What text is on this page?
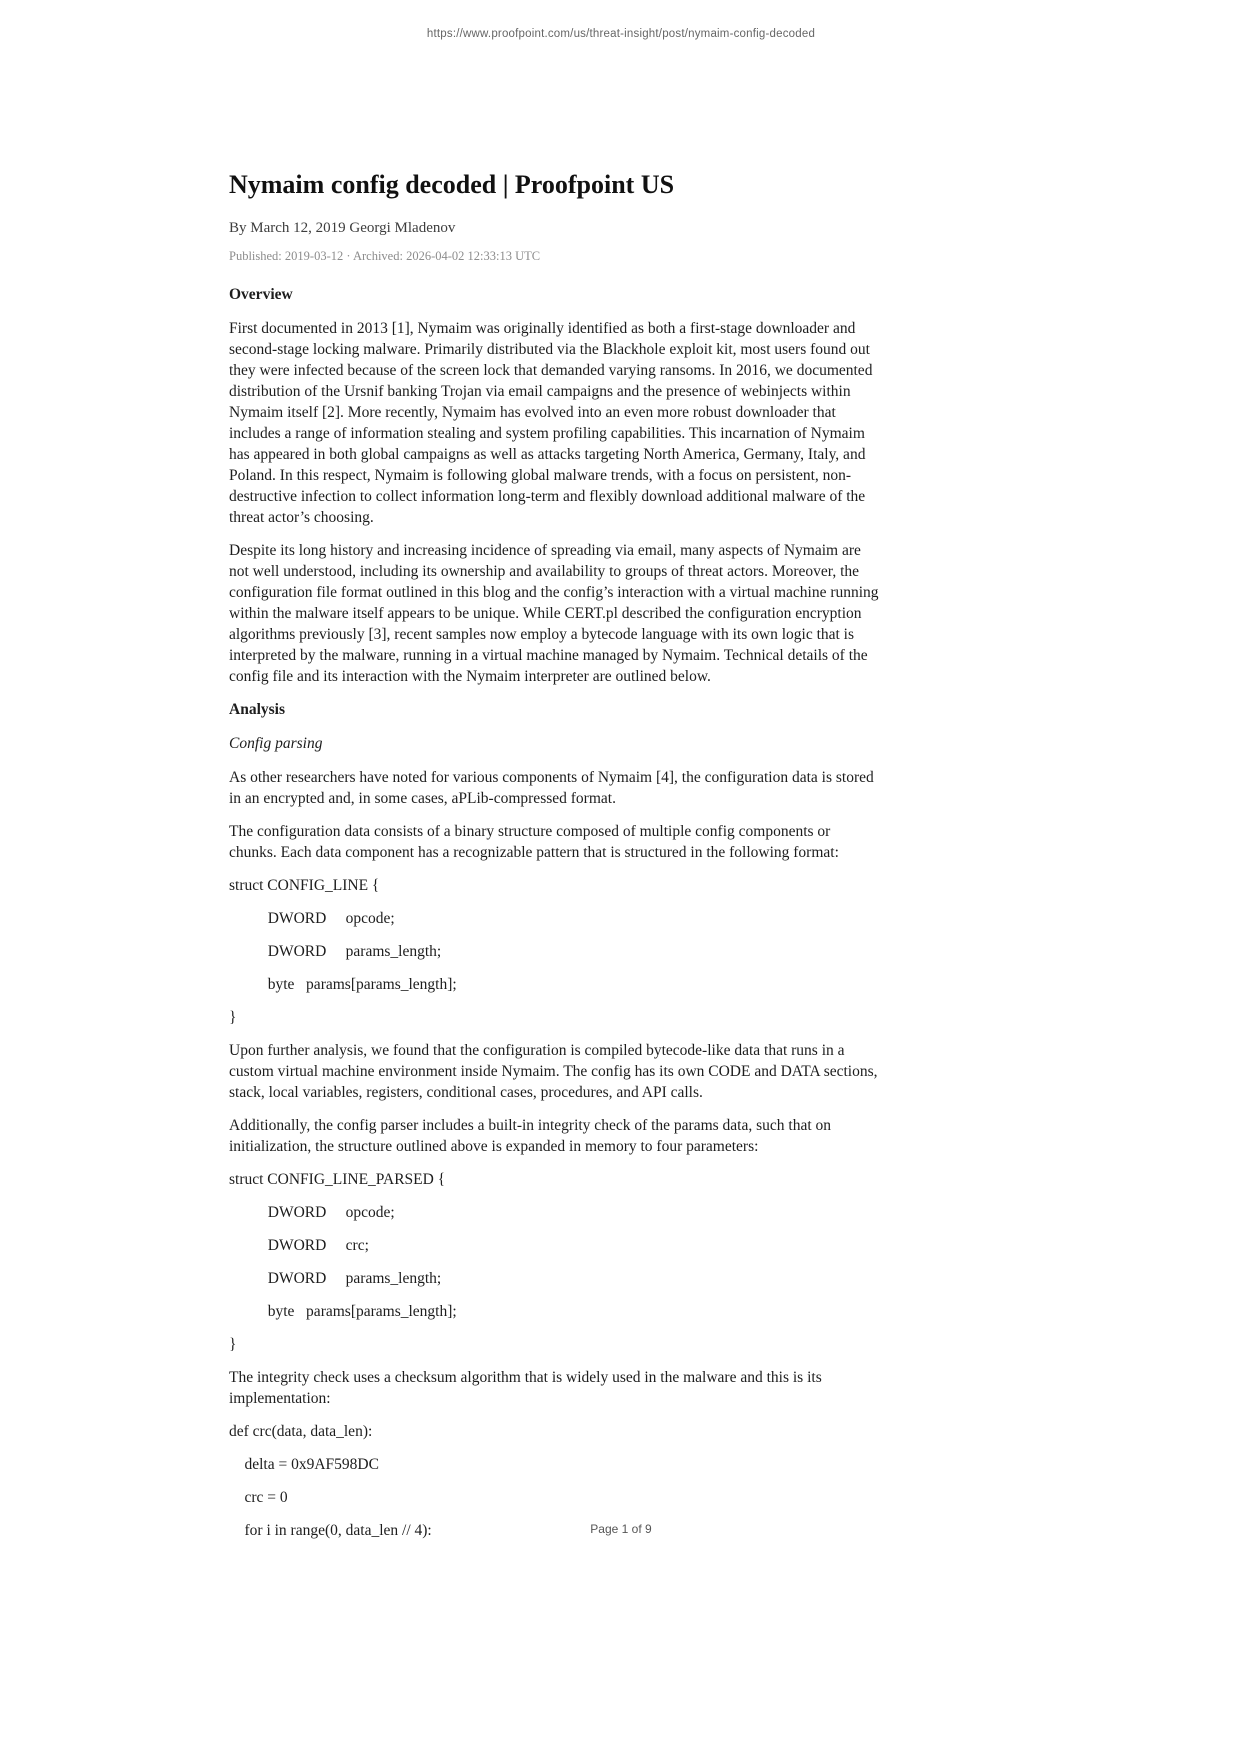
https://www.proofpoint.com/us/threat-insight/post/nymaim-config-decoded
Nymaim config decoded | Proofpoint US

By March 12, 2019 Georgi Mladenov

Published: 2019-03-12 · Archived: 2026-04-02 12:33:13 UTC

Overview

First documented in 2013 [1], Nymaim was originally identified as both a first-stage downloader and second-stage locking malware. Primarily distributed via the Blackhole exploit kit, most users found out they were infected because of the screen lock that demanded varying ransoms. In 2016, we documented distribution of the Ursnif banking Trojan via email campaigns and the presence of webinjects within Nymaim itself [2]. More recently, Nymaim has evolved into an even more robust downloader that includes a range of information stealing and system profiling capabilities. This incarnation of Nymaim has appeared in both global campaigns as well as attacks targeting North America, Germany, Italy, and Poland. In this respect, Nymaim is following global malware trends, with a focus on persistent, non-destructive infection to collect information long-term and flexibly download additional malware of the threat actor’s choosing.

Despite its long history and increasing incidence of spreading via email, many aspects of Nymaim are not well understood, including its ownership and availability to groups of threat actors. Moreover, the configuration file format outlined in this blog and the config’s interaction with a virtual machine running within the malware itself appears to be unique. While CERT.pl described the configuration encryption algorithms previously [3], recent samples now employ a bytecode language with its own logic that is interpreted by the malware, running in a virtual machine managed by Nymaim. Technical details of the config file and its interaction with the Nymaim interpreter are outlined below.

Analysis

Config parsing

As other researchers have noted for various components of Nymaim [4], the configuration data is stored in an encrypted and, in some cases, aPLib-compressed format.

The configuration data consists of a binary structure composed of multiple config components or chunks. Each data component has a recognizable pattern that is structured in the following format:

struct CONFIG_LINE {

DWORD     opcode;

DWORD     params_length;

byte   params[params_length];

}

Upon further analysis, we found that the configuration is compiled bytecode-like data that runs in a custom virtual machine environment inside Nymaim. The config has its own CODE and DATA sections, stack, local variables, registers, conditional cases, procedures, and API calls.

Additionally, the config parser includes a built-in integrity check of the params data, such that on initialization, the structure outlined above is expanded in memory to four parameters:

struct CONFIG_LINE_PARSED {

DWORD     opcode;

DWORD     crc;

DWORD     params_length;

byte   params[params_length];

}

The integrity check uses a checksum algorithm that is widely used in the malware and this is its implementation:

def crc(data, data_len):

delta = 0x9AF598DC

crc = 0

for i in range(0, data_len // 4):	Page 1 of 9
